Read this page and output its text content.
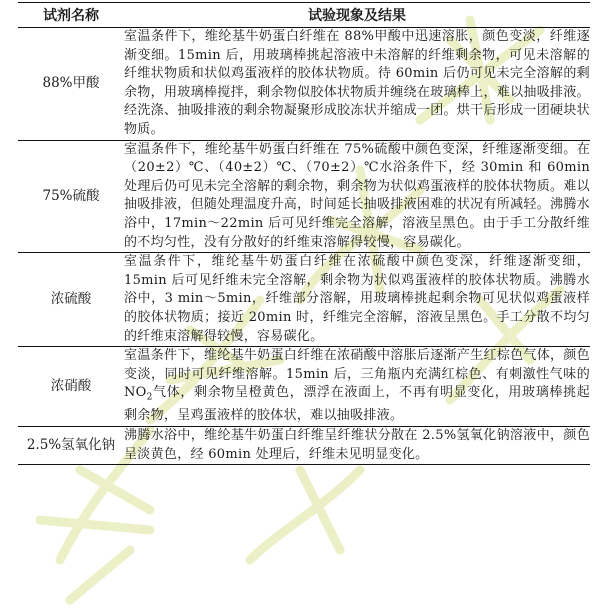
试剂名称	试验现象及结果
88%甲酸	室温条件下，维纶基牛奶蛋白纤维在 88%甲酸中迅速溶胀，颜色变淡，纤维逐渐变细。15min 后，用玻璃棒挑起溶液中未溶解的纤维剩余物，可见未溶解的纤维状物质和状似鸡蛋液样的胶体状物质。待 60min 后仍可见未完全溶解的剩余物，用玻璃棒搅拌，剩余物似胶体状物质并缠绕在玻璃棒上，难以抽吸排液。经洗涤、抽吸排液的剩余物凝聚形成胶冻状并缩成一团。烘干后形成一团硬块状物质。
75%硫酸	室温条件下，维纶基牛奶蛋白纤维在 75%硫酸中颜色变深，纤维逐渐变细。在（20±2）℃、（40±2）℃、（70±2）℃水浴条件下，经 30min 和 60min 处理后仍可见未完全溶解的剩余物，剩余物为状似鸡蛋液样的胶体状物质。难以抽吸排液，但随处理温度升高，时间延长抽吸排液困难的状况有所减轻。沸腾水浴中，17min～22min 后可见纤维完全溶解，溶液呈黑色。由于手工分散纤维的不均匀性，没有分散好的纤维束溶解得较慢，容易碳化。
浓硫酸	室温条件下，维纶基牛奶蛋白纤维在浓硫酸中颜色变深，纤维逐渐变细，15min 后可见纤维未完全溶解，剩余物为状似鸡蛋液样的胶体状物质。沸腾水浴中，3 min～5min，纤维部分溶解，用玻璃棒挑起剩余物可见状似鸡蛋液样的胶体状物质；接近 20min 时，纤维完全溶解，溶液呈黑色。手工分散不均匀的纤维束溶解得较慢，容易碳化。
浓硝酸	室温条件下，维纶基牛奶蛋白纤维在浓硝酸中溶胀后逐渐产生红棕色气体，颜色变淡，同时可见纤维溶解。15min 后，三角瓶内充满红棕色、有刺激性气味的 $NO_2$气体，剩余物呈橙黄色，漂浮在液面上，不再有明显变化，用玻璃棒挑起剩余物，呈鸡蛋液样的胶体状，难以抽吸排液。
2.5%氢氧化钠	沸腾水浴中，维纶基牛奶蛋白纤维呈纤维状分散在 2.5%氢氧化钠溶液中，颜色呈淡黄色，经 60min 处理后，纤维未见明显变化。
